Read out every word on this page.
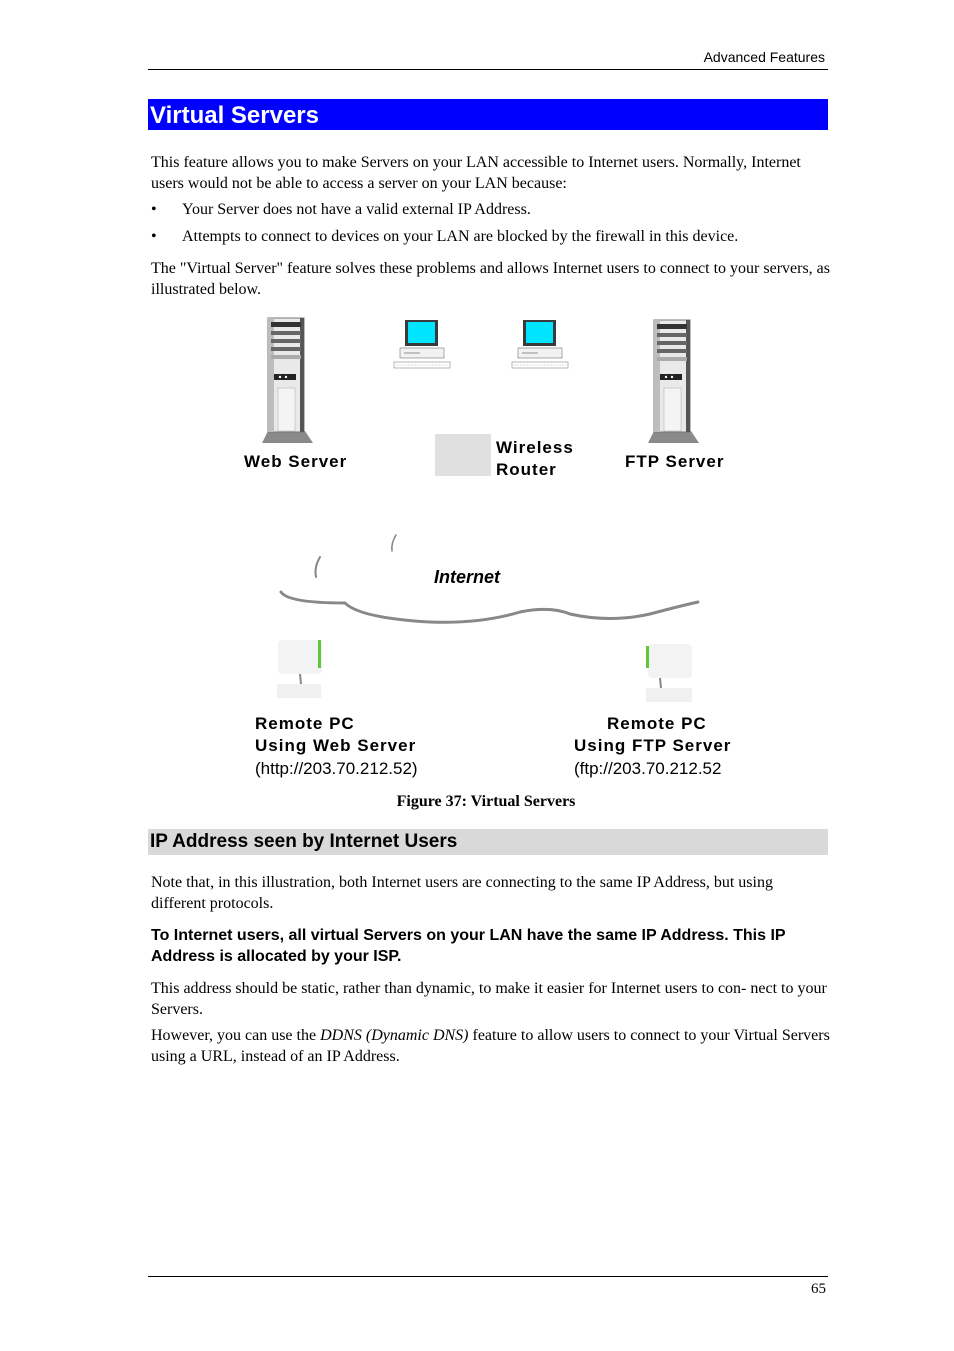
Advanced Features
Virtual Servers
This feature allows you to make Servers on your LAN accessible to Internet users. Normally, Internet users would not be able to access a server on your LAN because:
• Your Server does not have a valid external IP Address.
• Attempts to connect to devices on your LAN are blocked by the firewall in this device.
The "Virtual Server" feature solves these problems and allows Internet users to connect to your servers, as illustrated below.
Web Server
Wireless
Router	FTP Server
Internet
Remote PC
Using Web Server
(http://203.70.212.52)
Remote PC
Using FTP Server
(ftp://203.70.212.52
Figure 37: Virtual Servers
IP Address seen by Internet Users
Note that, in this illustration, both Internet users are connecting to the same IP Address, but using different protocols.
To Internet users, all virtual Servers on your LAN have the same IP Address. This IP Address is allocated by your ISP.
This address should be static, rather than dynamic, to make it easier for Internet users to con- nect to your Servers.
However, you can use the DDNS (Dynamic DNS) feature to allow users to connect to your Virtual Servers using a URL, instead of an IP Address.
65
